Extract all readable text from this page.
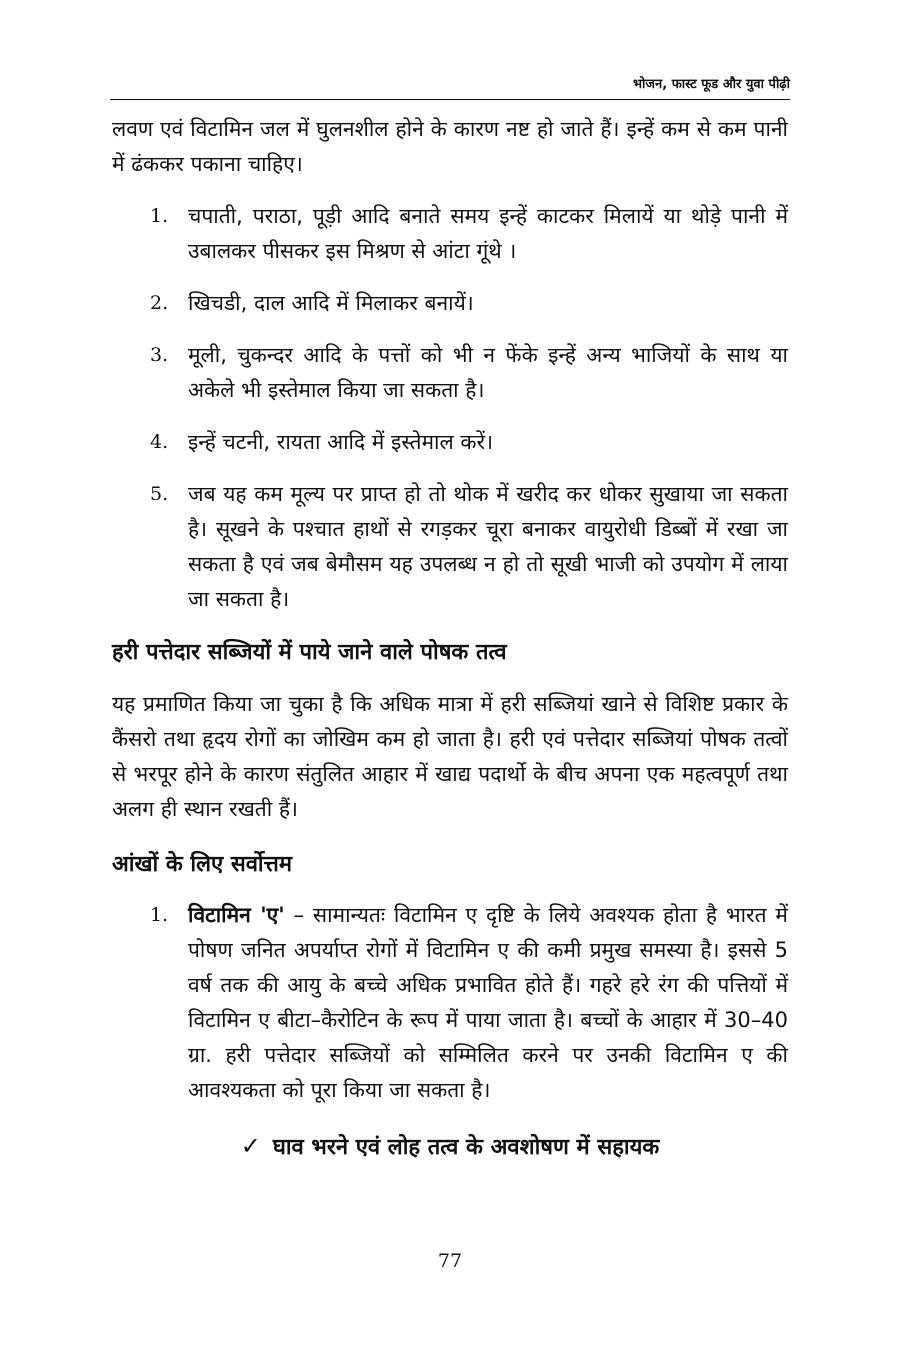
भोजन, फास्ट फूड और युवा पीढ़ी

लवण एवं विटामिन जल में घुलनशील होने के कारण नष्ट हो जाते हैं। इन्हें कम से कम पानी में ढंककर पकाना चाहिए।

1. चपाती, पराठा, पूड़ी आदि बनाते समय इन्हें काटकर मिलायें या थोड़े पानी में उबालकर पीसकर इस मिश्रण से आंटा गूंथे ।
2. खिचडी, दाल आदि में मिलाकर बनायें।
3. मूली, चुकन्दर आदि के पत्तों को भी न फेंके इन्हें अन्य भाजियों के साथ या अकेले भी इस्तेमाल किया जा सकता है।
4. इन्हें चटनी, रायता आदि में इस्तेमाल करें।
5. जब यह कम मूल्य पर प्राप्त हो तो थोक में खरीद कर धोकर सुखाया जा सकता है। सूखने के पश्चात हाथों से रगड़कर चूरा बनाकर वायुरोधी डिब्बों में रखा जा सकता है एवं जब बेमौसम यह उपलब्ध न हो तो सूखी भाजी को उपयोग में लाया जा सकता है।
हरी पत्तेदार सब्जियों में पाये जाने वाले पोषक तत्व

यह प्रमाणित किया जा चुका है कि अधिक मात्रा में हरी सब्जियां खाने से विशिष्ट प्रकार के कैंसरो तथा हृदय रोगों का जोखिम कम हो जाता है। हरी एवं पत्तेदार सब्जियां पोषक तत्वों से भरपूर होने के कारण संतुलित आहार में खाद्य पदार्थो के बीच अपना एक महत्वपूर्ण तथा अलग ही स्थान रखती हैं।

आंखों के लिए सर्वोत्तम
1. विटामिन 'ए' – सामान्यतः विटामिन ए दृष्टि के लिये अवश्यक होता है भारत में पोषण जनित अपर्याप्त रोगों में विटामिन ए की कमी प्रमुख समस्या है। इससे 5 वर्ष तक की आयु के बच्चे अधिक प्रभावित होते हैं। गहरे हरे रंग की पत्तियों में विटामिन ए बीटा–कैरोटिन के रूप में पाया जाता है। बच्चों के आहार में 30–40 ग्रा. हरी पत्तेदार सब्जियों को सम्मिलित करने पर उनकी विटामिन ए की आवश्यकता को पूरा किया जा सकता है।
✓ घाव भरने एवं लोह तत्व के अवशोषण में सहायक
77
